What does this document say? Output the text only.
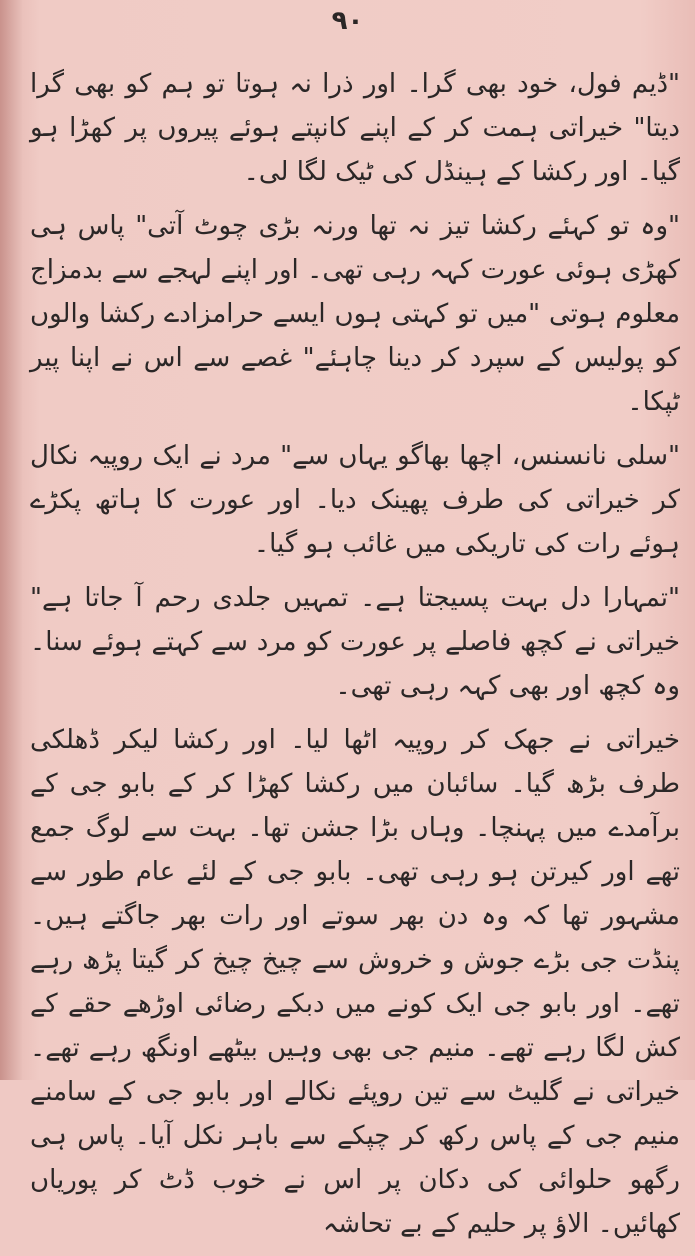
۹۰

"ڈیم فول، خود بھی گرا۔ اور ذرا نہ ہوتا تو ہم کو بھی گرا دیتا" خیراتی ہمت کر کے اپنے کانپتے ہوئے پیروں پر کھڑا ہو گیا۔ اور رکشا کے ہینڈل کی ٹیک لگا لی۔

"وہ تو کہئے رکشا تیز نہ تھا ورنہ بڑی چوٹ آتی" پاس ہی کھڑی ہوئی عورت کہہ رہی تھی۔ اور اپنے لہجے سے بدمزاج معلوم ہوتی "میں تو کہتی ہوں ایسے حرامزادے رکشا والوں کو پولیس کے سپرد کر دینا چاہئے" غصے سے اس نے اپنا پیر ٹپکا۔

"سلی نانسنس، اچھا بھاگو یہاں سے" مرد نے ایک روپیہ نکال کر خیراتی کی طرف پھینک دیا۔ اور عورت کا ہاتھ پکڑے ہوئے رات کی تاریکی میں غائب ہو گیا۔

"تمہارا دل بہت پسیجتا ہے۔ تمہیں جلدی رحم آ جاتا ہے" خیراتی نے کچھ فاصلے پر عورت کو مرد سے کہتے ہوئے سنا۔ وہ کچھ اور بھی کہہ رہی تھی۔

خیراتی نے جھک کر روپیہ اٹھا لیا۔ اور رکشا لیکر ڈھلکی طرف بڑھ گیا۔ سائبان میں رکشا کھڑا کر کے بابو جی کے برآمدے میں پہنچا۔ وہاں بڑا جشن تھا۔ بہت سے لوگ جمع تھے اور کیرتن ہو رہی تھی۔ بابو جی کے لئے عام طور سے مشہور تھا کہ وہ دن بھر سوتے اور رات بھر جاگتے ہیں۔ پنڈت جی بڑے جوش و خروش سے چیخ چیخ کر گیتا پڑھ رہے تھے۔ اور بابو جی ایک کونے میں دبکے رضائی اوڑھے حقے کے کش لگا رہے تھے۔ منیم جی بھی وہیں بیٹھے اونگھ رہے تھے۔ خیراتی نے گلیٹ سے تین روپئے نکالے اور بابو جی کے سامنے منیم جی کے پاس رکھ کر چپکے سے باہر نکل آیا۔ پاس ہی رگھو حلوائی کی دکان پر اس نے خوب ڈٹ کر پوریاں کھائیں۔ الاؤ پر حلیم کے بے تحاشہ
